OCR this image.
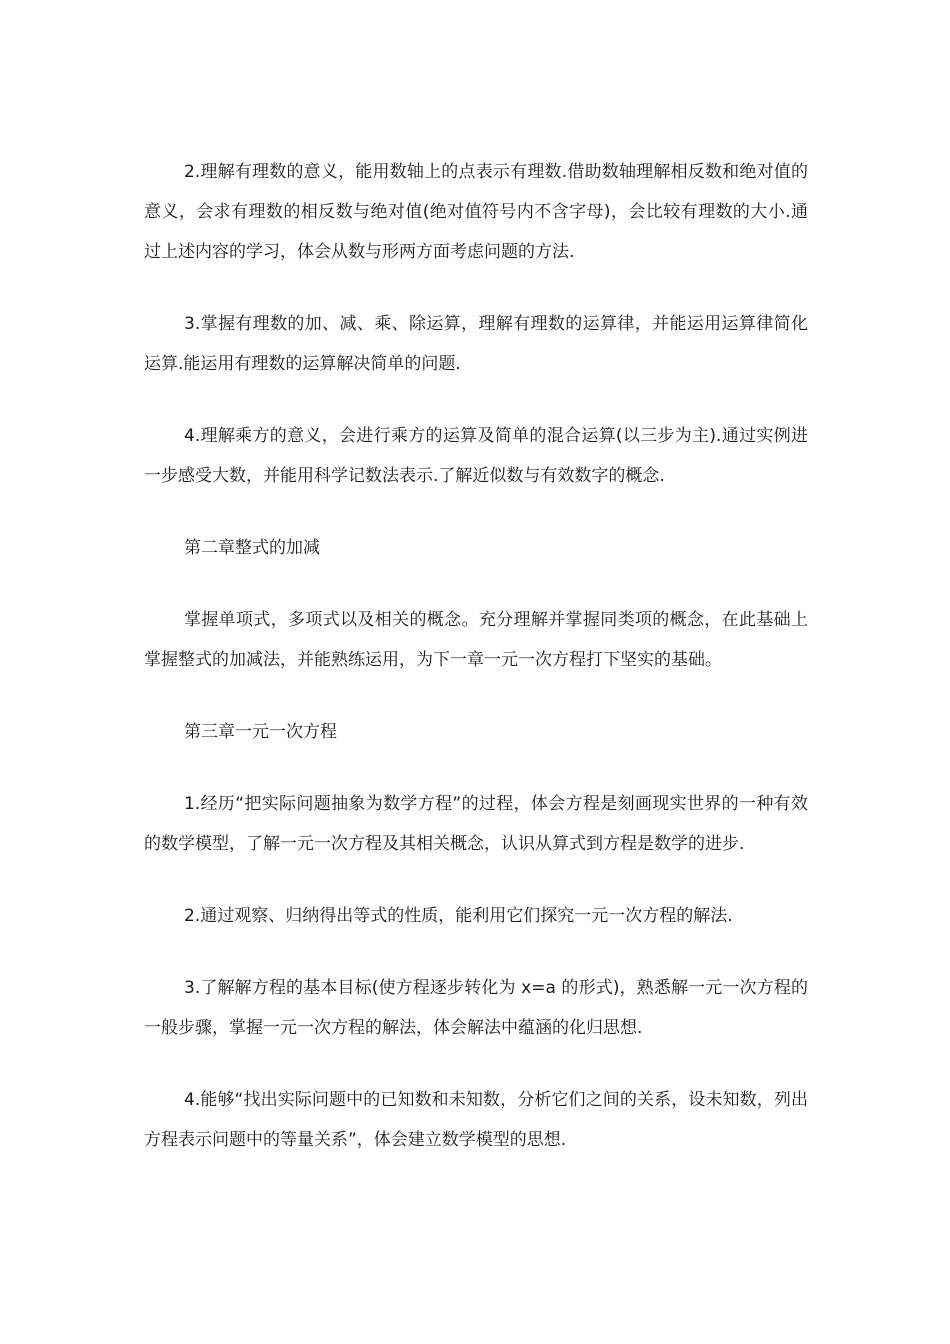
2.理解有理数的意义，能用数轴上的点表示有理数.借助数轴理解相反数和绝对值的意义，会求有理数的相反数与绝对值(绝对值符号内不含字母)，会比较有理数的大小.通过上述内容的学习，体会从数与形两方面考虑问题的方法.

3.掌握有理数的加、减、乘、除运算，理解有理数的运算律，并能运用运算律简化运算.能运用有理数的运算解决简单的问题.

4.理解乘方的意义，会进行乘方的运算及简单的混合运算(以三步为主).通过实例进一步感受大数，并能用科学记数法表示.了解近似数与有效数字的概念.

第二章整式的加减

掌握单项式，多项式以及相关的概念。充分理解并掌握同类项的概念，在此基础上掌握整式的加减法，并能熟练运用，为下一章一元一次方程打下坚实的基础。

第三章一元一次方程

1.经历“把实际问题抽象为数学方程”的过程，体会方程是刻画现实世界的一种有效的数学模型，了解一元一次方程及其相关概念，认识从算式到方程是数学的进步.

2.通过观察、归纳得出等式的性质，能利用它们探究一元一次方程的解法.

3.了解解方程的基本目标(使方程逐步转化为 x=a 的形式)，熟悉解一元一次方程的一般步骤，掌握一元一次方程的解法，体会解法中蕴涵的化归思想.

4.能够“找出实际问题中的已知数和未知数，分析它们之间的关系，设未知数，列出方程表示问题中的等量关系”，体会建立数学模型的思想.
